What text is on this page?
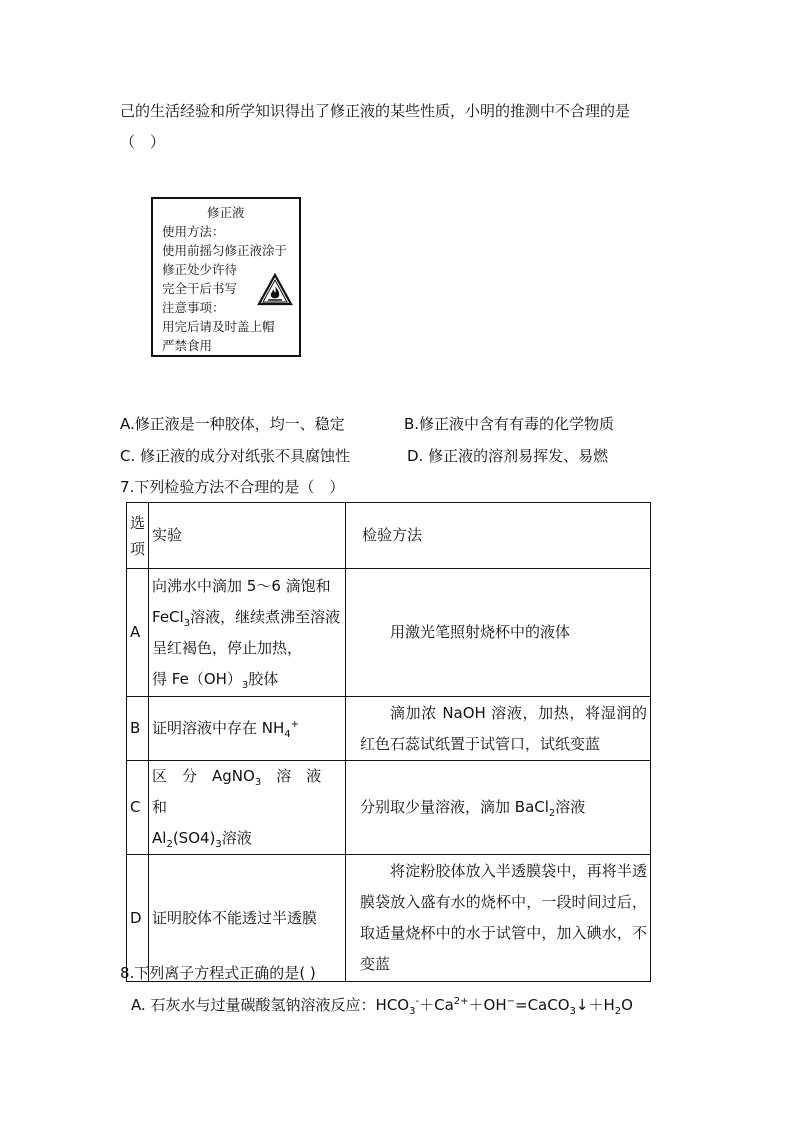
己的生活经验和所学知识得出了修正液的某些性质，小明的推测中不合理的是
（　）
修正液
使用方法：
使用前摇匀修正液涂于
修正处少许待
完全干后书写
注意事项：
用完后请及时盖上帽
严禁食用
A.修正液是一种胶体，均一、稳定	B.修正液中含有有毒的化学物质
C. 修正液的成分对纸张不具腐蚀性	D. 修正液的溶剂易挥发、易燃
7.下列检验方法不合理的是（　）
选
项	实验	检验方法
A	向沸水中滴加 5～6 滴饱和
FeCl$_3$溶液，继续煮沸至溶液
呈红褐色，停止加热，
得 $Fe(OH)_3$胶体	用激光笔照射烧杯中的液体
B	证明溶液中存在 $NH_4^+$	滴加浓 NaOH 溶液，加热，将湿润的红色石蕊试纸置于试管口，试纸变蓝
C	区　分　AgNO$_3$　溶　液　和
$Al_2(SO4)_3$溶液	分别取少量溶液，滴加 BaCl$_2$溶液
D	证明胶体不能透过半透膜	将淀粉胶体放入半透膜袋中，再将半透膜袋放入盛有水的烧杯中，一段时间过后，取适量烧杯中的水于试管中，加入碘水，不变蓝
8.下列离子方程式正确的是( )
A. 石灰水与过量碳酸氢钠溶液反应：$HCO_3^-+Ca^{2+}+OH^-=CaCO_3↓+H_2O$
